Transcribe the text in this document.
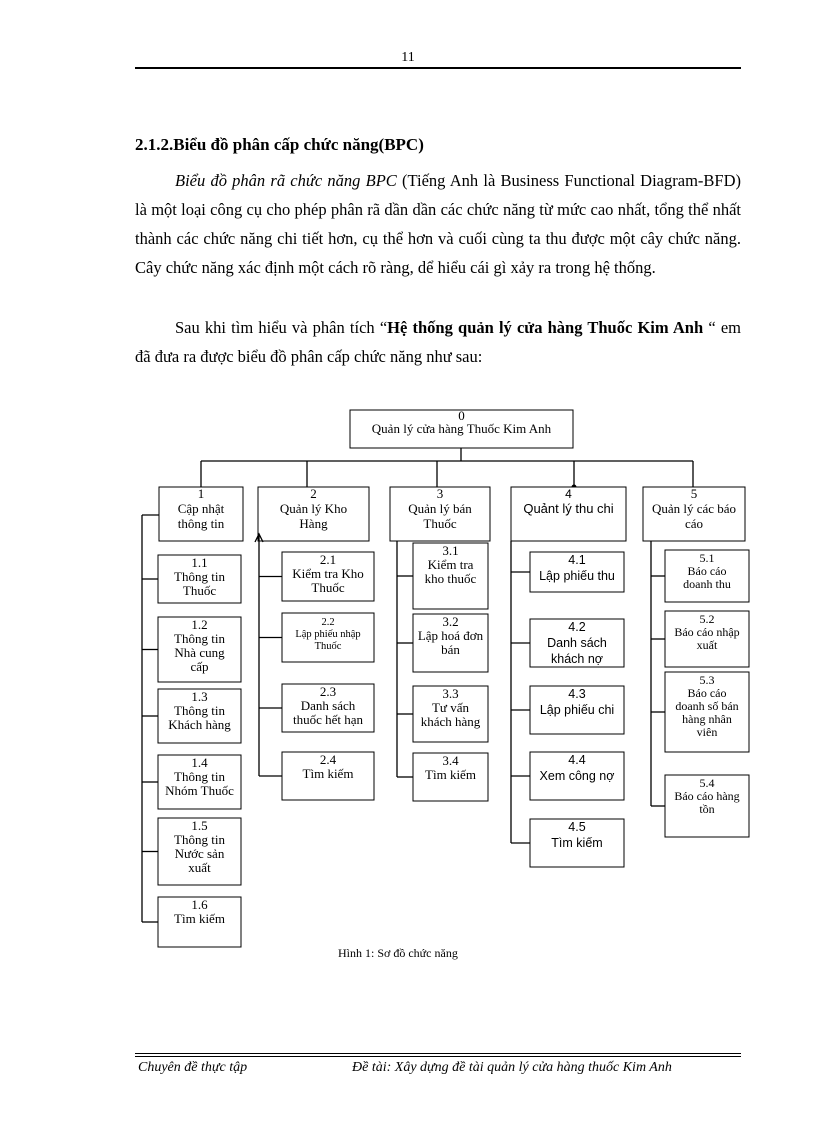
11
2.1.2.Biểu đồ phân cấp chức năng(BPC)
Biểu đồ phân rã chức năng BPC (Tiếng Anh là Business Functional Diagram-BFD) là một loại công cụ cho phép phân rã dần dần các chức năng từ mức cao nhất, tổng thể nhất thành các chức năng chi tiết hơn, cụ thể hơn và cuối cùng ta thu được một cây chức năng. Cây chức năng xác định một cách rõ ràng, dể hiểu cái gì xảy ra trong hệ thống.
Sau khi tìm hiểu và phân tích “Hệ thống quản lý cửa hàng Thuốc Kim Anh “ em đã đưa ra được biểu đồ phân cấp chức năng như sau:
0
Quản lý cửa hàng Thuốc Kim Anh
1
Cập nhật
thông tin
2
Quản lý Kho
Hàng
3
Quản lý bán
Thuốc
4
Quảnt lý thu chi
5
Quản lý các báo
cáo
1.1
Thông tin
Thuốc
1.2
Thông tin
Nhà cung
cấp
1.3
Thông tin
Khách hàng
1.4
Thông tin
Nhóm Thuốc
1.5
Thông tin
Nước sản
xuất
1.6
Tìm kiếm
2.1
Kiểm tra Kho
Thuốc
2.2
Lập phiếu nhập
Thuốc
2.3
Danh sách
thuốc hết hạn
2.4
Tìm kiếm
3.1
Kiểm tra
kho thuốc
3.2
Lập hoá đơn
bán
3.3
Tư vấn
khách hàng
3.4
Tìm kiếm
4.1
Lập phiếu thu
4.2
Danh sách
khách nợ
4.3
Lập phiếu chi
4.4
Xem công nợ
4.5
Tìm kiếm
5.1
Báo cáo
doanh thu
5.2
Báo cáo nhập
xuất
5.3
Báo cáo
doanh số bán
hàng nhân
viên
5.4
Báo cáo hàng
tồn
Hình 1: Sơ đồ chức năng
Chuyên đề thực tập	Đề tài: Xây dựng đề tài quản lý cửa hàng thuốc Kim Anh
